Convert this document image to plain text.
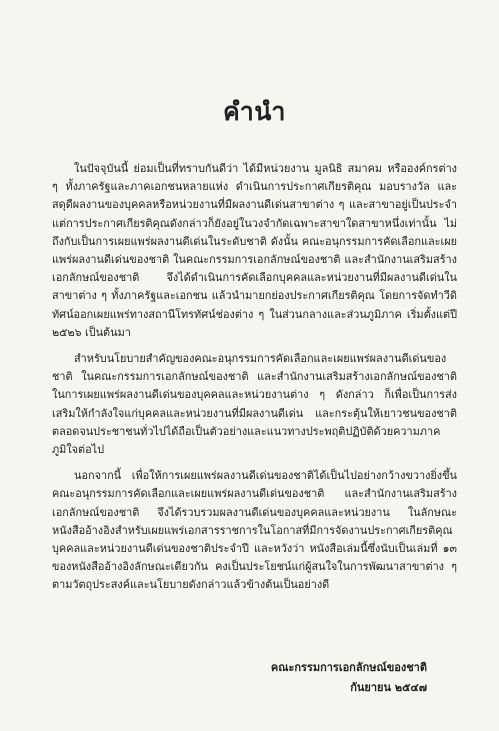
คำนำ

ในปัจจุบันนี้ ย่อมเป็นที่ทราบกันดีว่า ได้มีหน่วยงาน มูลนิธิ สมาคม หรือองค์กรต่าง ๆ ทั้งภาครัฐและภาคเอกชนหลายแห่ง ดำเนินการประกาศเกียรติคุณ มอบรางวัล และสดุดีผลงานของบุคคลหรือหน่วยงานที่มีผลงานดีเด่นสาขาต่าง ๆ และสาขาอยู่เป็นประจำ แต่การประกาศเกียรติคุณดังกล่าวก็ยังอยู่ในวงจำกัดเฉพาะสาขาใดสาขาหนึ่งเท่านั้น ไม่ถึงกับเป็นการเผยแพร่ผลงานดีเด่นในระดับชาติ ดังนั้น คณะอนุกรรมการคัดเลือกและเผยแพร่ผลงานดีเด่นของชาติ ในคณะกรรมการเอกลักษณ์ของชาติ และสำนักงานเสริมสร้างเอกลักษณ์ของชาติ จึงได้ดำเนินการคัดเลือกบุคคลและหน่วยงานที่มีผลงานดีเด่นในสาขาต่าง ๆ ทั้งภาครัฐและเอกชน แล้วนำมายกย่องประกาศเกียรติคุณ โดยการจัดทำวีดิทัศน์ออกเผยแพร่ทางสถานีโทรทัศน์ช่องต่าง ๆ ในส่วนกลางและส่วนภูมิภาค เริ่มตั้งแต่ปี ๒๕๒๖ เป็นต้นมา

สำหรับนโยบายสำคัญของคณะอนุกรรมการคัดเลือกและเผยแพร่ผลงานดีเด่นของชาติ ในคณะกรรมการเอกลักษณ์ของชาติ และสำนักงานเสริมสร้างเอกลักษณ์ของชาติ ในการเผยแพร่ผลงานดีเด่นของบุคคลและหน่วยงานต่าง ๆ ดังกล่าว ก็เพื่อเป็นการส่งเสริมให้กำลังใจแก่บุคคลและหน่วยงานที่มีผลงานดีเด่น และกระตุ้นให้เยาวชนของชาติตลอดจนประชาชนทั่วไปได้ถือเป็นตัวอย่างและแนวทางประพฤติปฏิบัติด้วยความภาคภูมิใจต่อไป

นอกจากนี้ เพื่อให้การเผยแพร่ผลงานดีเด่นของชาติได้เป็นไปอย่างกว้างขวางยิ่งขึ้น คณะอนุกรรมการคัดเลือกและเผยแพร่ผลงานดีเด่นของชาติ และสำนักงานเสริมสร้างเอกลักษณ์ของชาติ จึงได้รวบรวมผลงานดีเด่นของบุคคลและหน่วยงาน ในลักษณะหนังสืออ้างอิงสำหรับเผยแพร่เอกสารราชการในโอกาสที่มีการจัดงานประกาศเกียรติคุณบุคคลและหน่วยงานดีเด่นของชาติประจำปี และหวังว่า หนังสือเล่มนี้ซึ่งนับเป็นเล่มที่ ๑๓ ของหนังสืออ้างอิงลักษณะเดียวกัน คงเป็นประโยชน์แก่ผู้สนใจในการพัฒนาสาขาต่าง ๆ ตามวัตถุประสงค์และนโยบายดังกล่าวแล้วข้างต้นเป็นอย่างดี

คณะกรรมการเอกลักษณ์ของชาติ
กันยายน ๒๕๔๗
